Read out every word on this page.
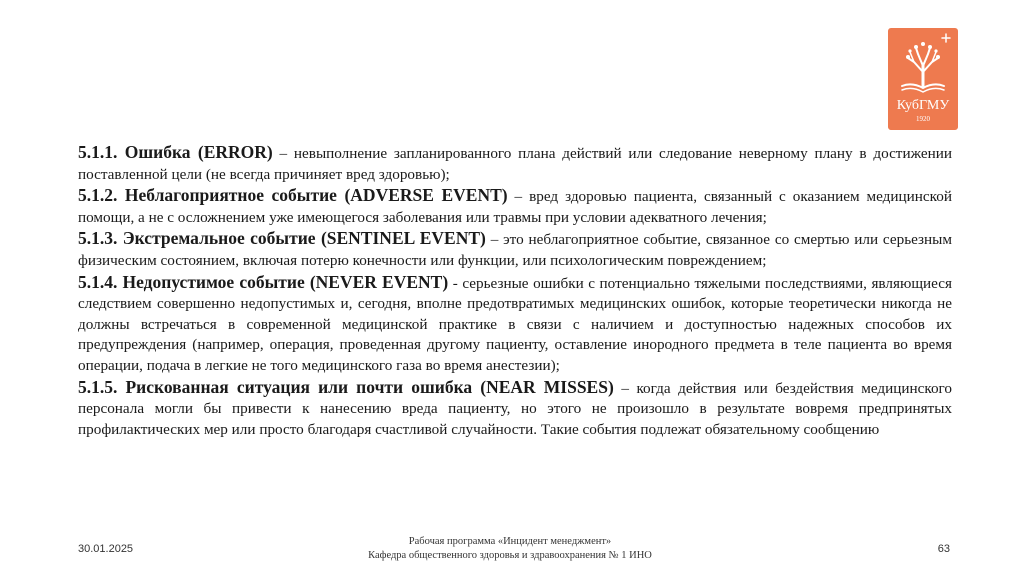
КубГМУ
1920

5.1.1. Ошибка (ERROR) – невыполнение запланированного плана действий или следование неверному плану в достижении поставленной цели (не всегда причиняет вред здоровью);

5.1.2. Неблагоприятное событие (ADVERSE EVENT) – вред здоровью пациента, связанный с оказанием медицинской помощи, а не с осложнением уже имеющегося заболевания или травмы при условии адекватного лечения;

5.1.3. Экстремальное событие (SENTINEL EVENT) – это неблагоприятное событие, связанное со смертью или серьезным физическим состоянием, включая потерю конечности или функции, или психологическим повреждением;

5.1.4. Недопустимое событие (NEVER EVENT) - серьезные ошибки с потенциально тяжелыми последствиями, являющиеся следствием совершенно недопустимых и, сегодня, вполне предотвратимых медицинских ошибок, которые теоретически никогда не должны встречаться в современной медицинской практике в связи с наличием и доступностью надежных способов их предупреждения (например, операция, проведенная другому пациенту, оставление инородного предмета в теле пациента во время операции, подача в легкие не того медицинского газа во время анестезии);

5.1.5. Рискованная ситуация или почти ошибка (NEAR MISSES) – когда действия или бездействия медицинского персонала могли бы привести к нанесению вреда пациенту, но этого не произошло в результате вовремя предпринятых профилактических мер или просто благодаря счастливой случайности. Такие события подлежат обязательному сообщению

30.01.2025
Рабочая программа «Инцидент менеджмент»
Кафедра общественного здоровья и здравоохранения № 1 ИНО
63
